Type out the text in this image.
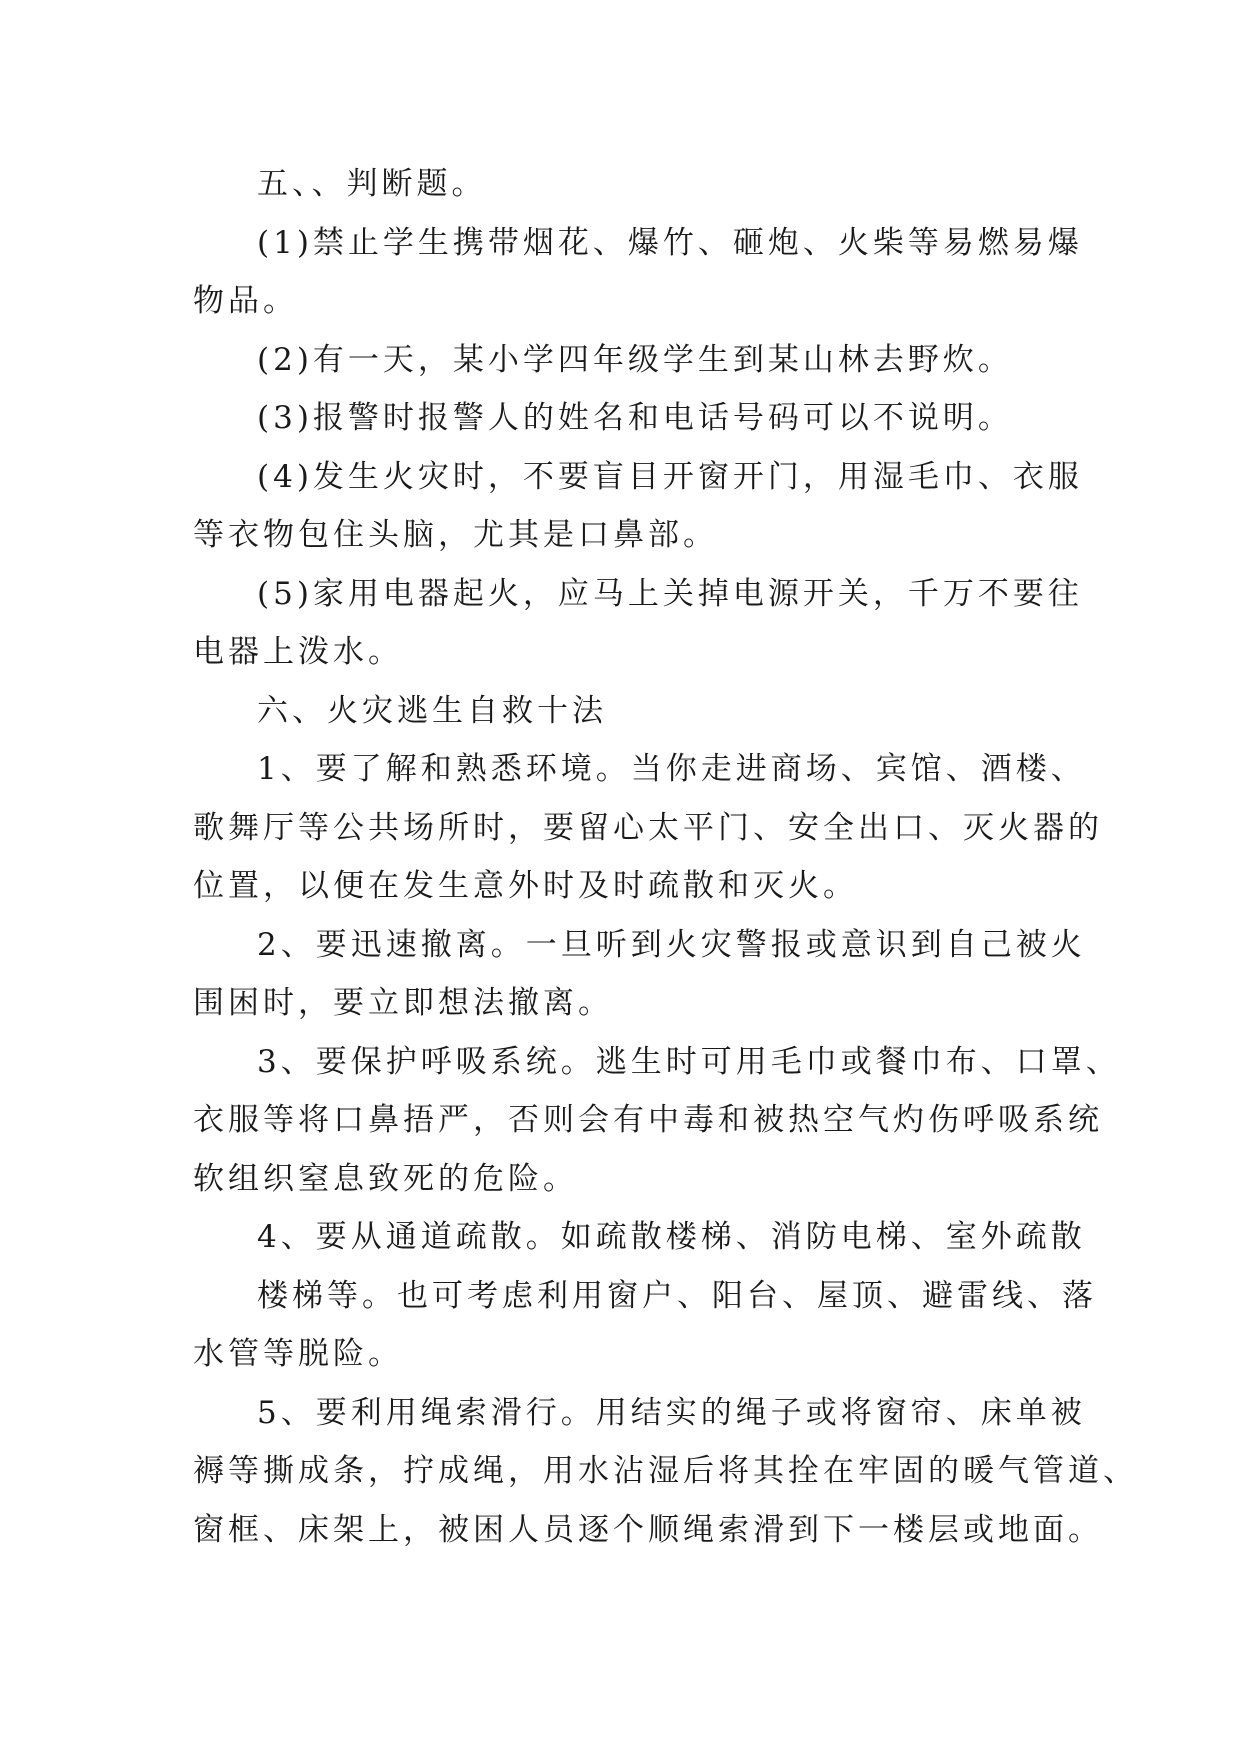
五、、判断题。

(1)禁止学生携带烟花、爆竹、砸炮、火柴等易燃易爆

物品。

(2)有一天，某小学四年级学生到某山林去野炊。

(3)报警时报警人的姓名和电话号码可以不说明。

(4)发生火灾时，不要盲目开窗开门，用湿毛巾、衣服

等衣物包住头脑，尤其是口鼻部。

(5)家用电器起火，应马上关掉电源开关，千万不要往

电器上泼水。

六、火灾逃生自救十法

1、要了解和熟悉环境。当你走进商场、宾馆、酒楼、

歌舞厅等公共场所时，要留心太平门、安全出口、灭火器的

位置，以便在发生意外时及时疏散和灭火。

2、要迅速撤离。一旦听到火灾警报或意识到自己被火

围困时，要立即想法撤离。

3、要保护呼吸系统。逃生时可用毛巾或餐巾布、口罩、

衣服等将口鼻捂严，否则会有中毒和被热空气灼伤呼吸系统

软组织窒息致死的危险。

4、要从通道疏散。如疏散楼梯、消防电梯、室外疏散

楼梯等。也可考虑利用窗户、阳台、屋顶、避雷线、落

水管等脱险。

5、要利用绳索滑行。用结实的绳子或将窗帘、床单被

褥等撕成条，拧成绳，用水沾湿后将其拴在牢固的暖气管道、

窗框、床架上，被困人员逐个顺绳索滑到下一楼层或地面。
